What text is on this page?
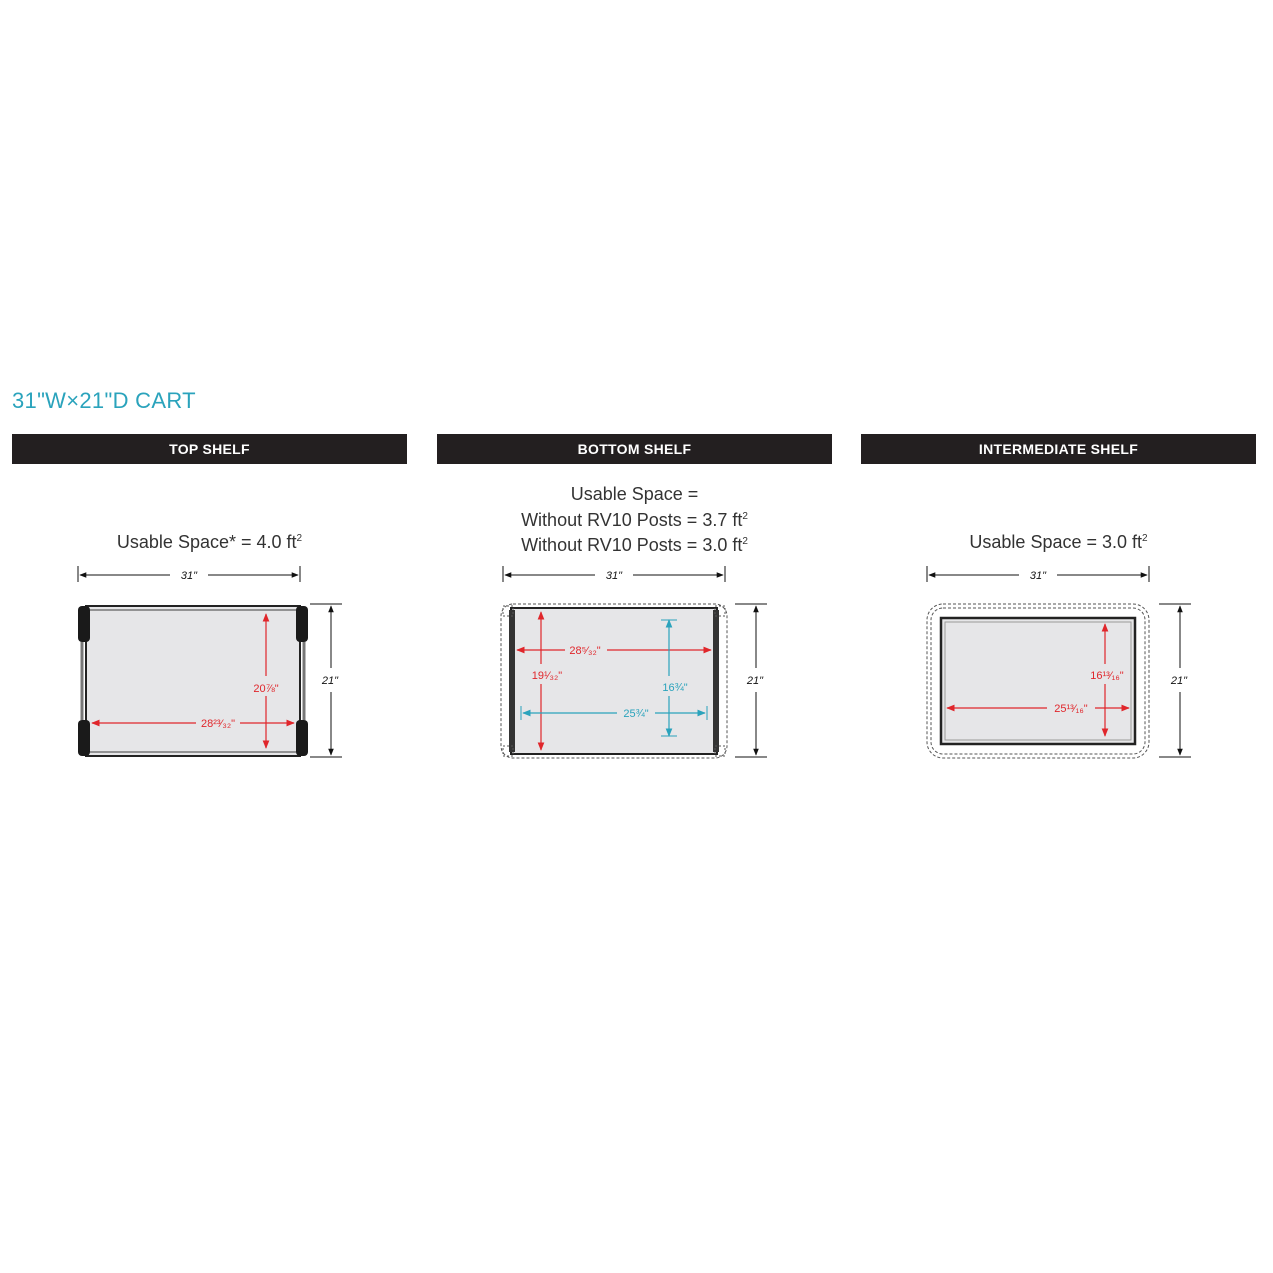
31"W×21"D CART
TOP SHELF	BOTTOM SHELF	INTERMEDIATE SHELF
Usable Space* = 4.0 $ft^2$
Usable Space =
Without RV10 Posts = 3.7 $ft^2$
Without RV10 Posts = 3.0 $ft^2$	Usable Space = 3.0 $ft^2$
31"
21"
20⅞"
28²³⁄₃₂"
31"
21"
28⁵⁄₃₂"
19¹⁄₃₂"
16¾"
25¾"
31"
21"
16¹³⁄₁₆"
25¹³⁄₁₆"
